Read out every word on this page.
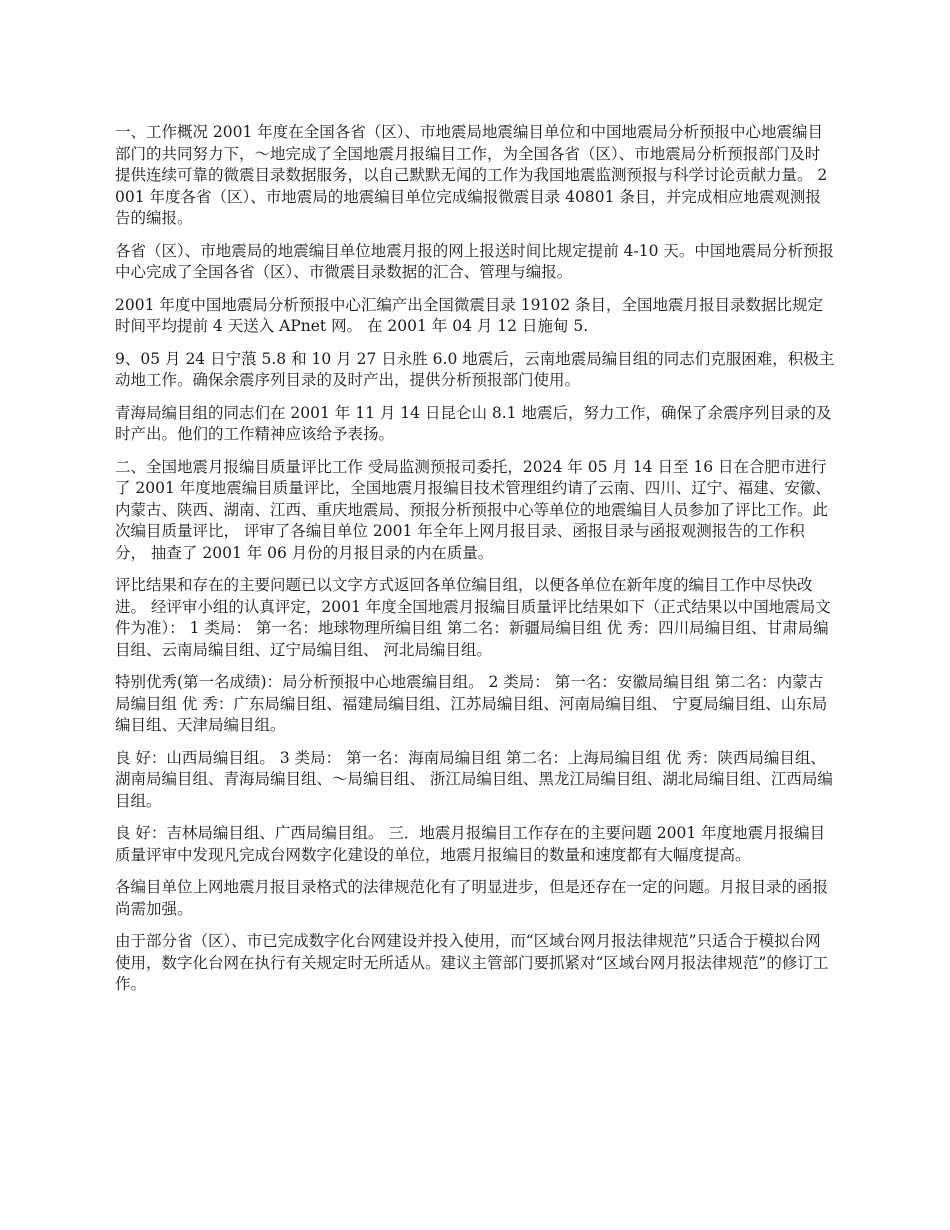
一、工作概况 2001 年度在全国各省（区）、市地震局地震编目单位和中国地震局分析预报中心地震编目部门的共同努力下，～地完成了全国地震月报编目工作，为全国各省（区）、市地震局分析预报部门及时提供连续可靠的微震目录数据服务，以自己默默无闻的工作为我国地震监测预报与科学讨论贡献力量。 2001 年度各省（区）、市地震局的地震编目单位完成编报微震目录 40801 条目，并完成相应地震观测报告的编报。

各省（区）、市地震局的地震编目单位地震月报的网上报送时间比规定提前 4-10 天。中国地震局分析预报中心完成了全国各省（区）、市微震目录数据的汇合、管理与编报。

2001 年度中国地震局分析预报中心汇编产出全国微震目录 19102 条目，全国地震月报目录数据比规定时间平均提前 4 天送入 APnet 网。 在 2001 年 04 月 12 日施甸 5.

9、05 月 24 日宁蒗 5.8 和 10 月 27 日永胜 6.0 地震后，云南地震局编目组的同志们克服困难，积极主动地工作。确保余震序列目录的及时产出，提供分析预报部门使用。

青海局编目组的同志们在 2001 年 11 月 14 日昆仑山 8.1 地震后，努力工作，确保了余震序列目录的及时产出。他们的工作精神应该给予表扬。

二、全国地震月报编目质量评比工作 受局监测预报司委托，2024 年 05 月 14 日至 16 日在合肥市进行了 2001 年度地震编目质量评比，全国地震月报编目技术管理组约请了云南、四川、辽宁、福建、安徽、内蒙古、陕西、湖南、江西、重庆地震局、预报分析预报中心等单位的地震编目人员参加了评比工作。此次编目质量评比， 评审了各编目单位 2001 年全年上网月报目录、函报目录与函报观测报告的工作积分， 抽查了 2001 年 06 月份的月报目录的内在质量。

评比结果和存在的主要问题已以文字方式返回各单位编目组，以便各单位在新年度的编目工作中尽快改进。 经评审小组的认真评定，2001 年度全国地震月报编目质量评比结果如下（正式结果以中国地震局文件为准）： 1 类局： 第一名：地球物理所编目组 第二名：新疆局编目组 优 秀：四川局编目组、甘肃局编目组、云南局编目组、辽宁局编目组、 河北局编目组。

特别优秀(第一名成绩)：局分析预报中心地震编目组。 2 类局： 第一名：安徽局编目组 第二名：内蒙古局编目组 优 秀：广东局编目组、福建局编目组、江苏局编目组、河南局编目组、 宁夏局编目组、山东局编目组、天津局编目组。

良 好：山西局编目组。 3 类局： 第一名：海南局编目组 第二名：上海局编目组 优 秀：陕西局编目组、湖南局编目组、青海局编目组、～局编目组、 浙江局编目组、黑龙江局编目组、湖北局编目组、江西局编目组。

良 好：吉林局编目组、广西局编目组。 三．地震月报编目工作存在的主要问题 2001 年度地震月报编目质量评审中发现凡完成台网数字化建设的单位，地震月报编目的数量和速度都有大幅度提高。

各编目单位上网地震月报目录格式的法律规范化有了明显进步，但是还存在一定的问题。月报目录的函报尚需加强。

由于部分省（区）、市已完成数字化台网建设并投入使用，而“区域台网月报法律规范”只适合于模拟台网使用，数字化台网在执行有关规定时无所适从。建议主管部门要抓紧对“区域台网月报法律规范”的修订工作。
